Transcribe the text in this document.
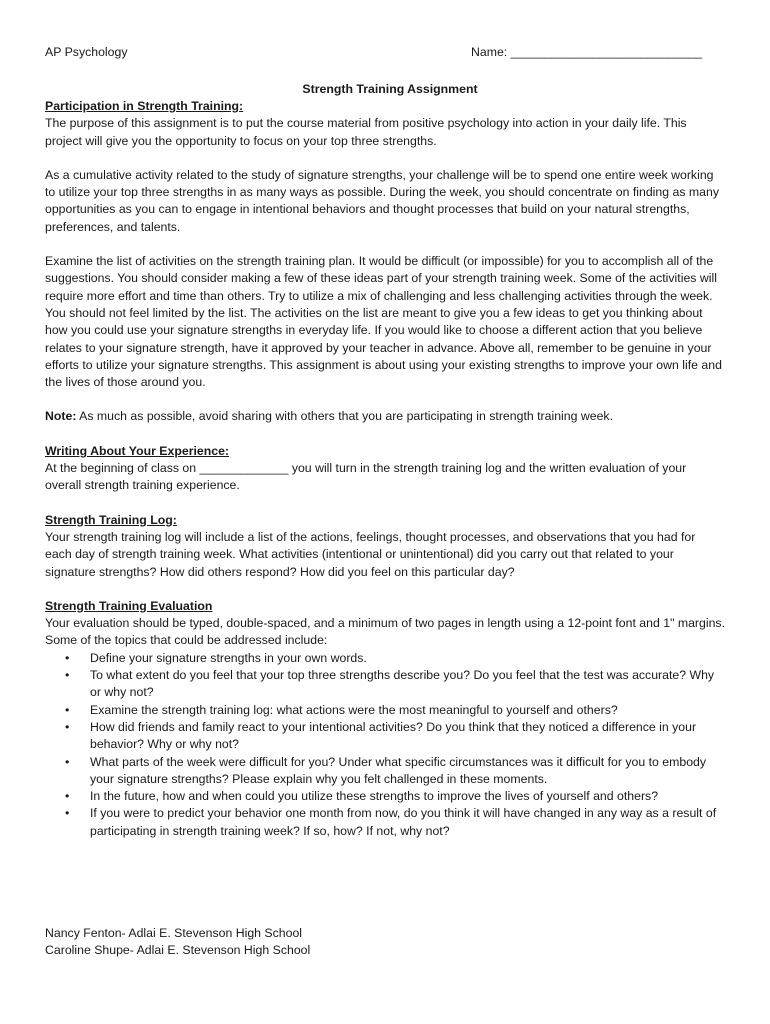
AP Psychology	Name: ____________________________
Strength Training Assignment
Participation in Strength Training:

The purpose of this assignment is to put the course material from positive psychology into action in your daily life. This project will give you the opportunity to focus on your top three strengths.

As a cumulative activity related to the study of signature strengths, your challenge will be to spend one entire week working to utilize your top three strengths in as many ways as possible. During the week, you should concentrate on finding as many opportunities as you can to engage in intentional behaviors and thought processes that build on your natural strengths, preferences, and talents.

Examine the list of activities on the strength training plan. It would be difficult (or impossible) for you to accomplish all of the suggestions. You should consider making a few of these ideas part of your strength training week. Some of the activities will require more effort and time than others. Try to utilize a mix of challenging and less challenging activities through the week. You should not feel limited by the list. The activities on the list are meant to give you a few ideas to get you thinking about how you could use your signature strengths in everyday life. If you would like to choose a different action that you believe relates to your signature strength, have it approved by your teacher in advance. Above all, remember to be genuine in your efforts to utilize your signature strengths. This assignment is about using your existing strengths to improve your own life and the lives of those around you.

Note: As much as possible, avoid sharing with others that you are participating in strength training week.

Writing About Your Experience:

At the beginning of class on _____________ you will turn in the strength training log and the written evaluation of your overall strength training experience.

Strength Training Log:

Your strength training log will include a list of the actions, feelings, thought processes, and observations that you had for each day of strength training week. What activities (intentional or unintentional) did you carry out that related to your signature strengths? How did others respond? How did you feel on this particular day?

Strength Training Evaluation

Your evaluation should be typed, double-spaced, and a minimum of two pages in length using a 12-point font and 1" margins. Some of the topics that could be addressed include:

• Define your signature strengths in your own words.
• To what extent do you feel that your top three strengths describe you? Do you feel that the test was accurate? Why or why not?
• Examine the strength training log: what actions were the most meaningful to yourself and others?
• How did friends and family react to your intentional activities? Do you think that they noticed a difference in your behavior? Why or why not?
• What parts of the week were difficult for you? Under what specific circumstances was it difficult for you to embody your signature strengths? Please explain why you felt challenged in these moments.
• In the future, how and when could you utilize these strengths to improve the lives of yourself and others?
• If you were to predict your behavior one month from now, do you think it will have changed in any way as a result of participating in strength training week? If so, how? If not, why not?
Nancy Fenton- Adlai E. Stevenson High School
Caroline Shupe- Adlai E. Stevenson High School
